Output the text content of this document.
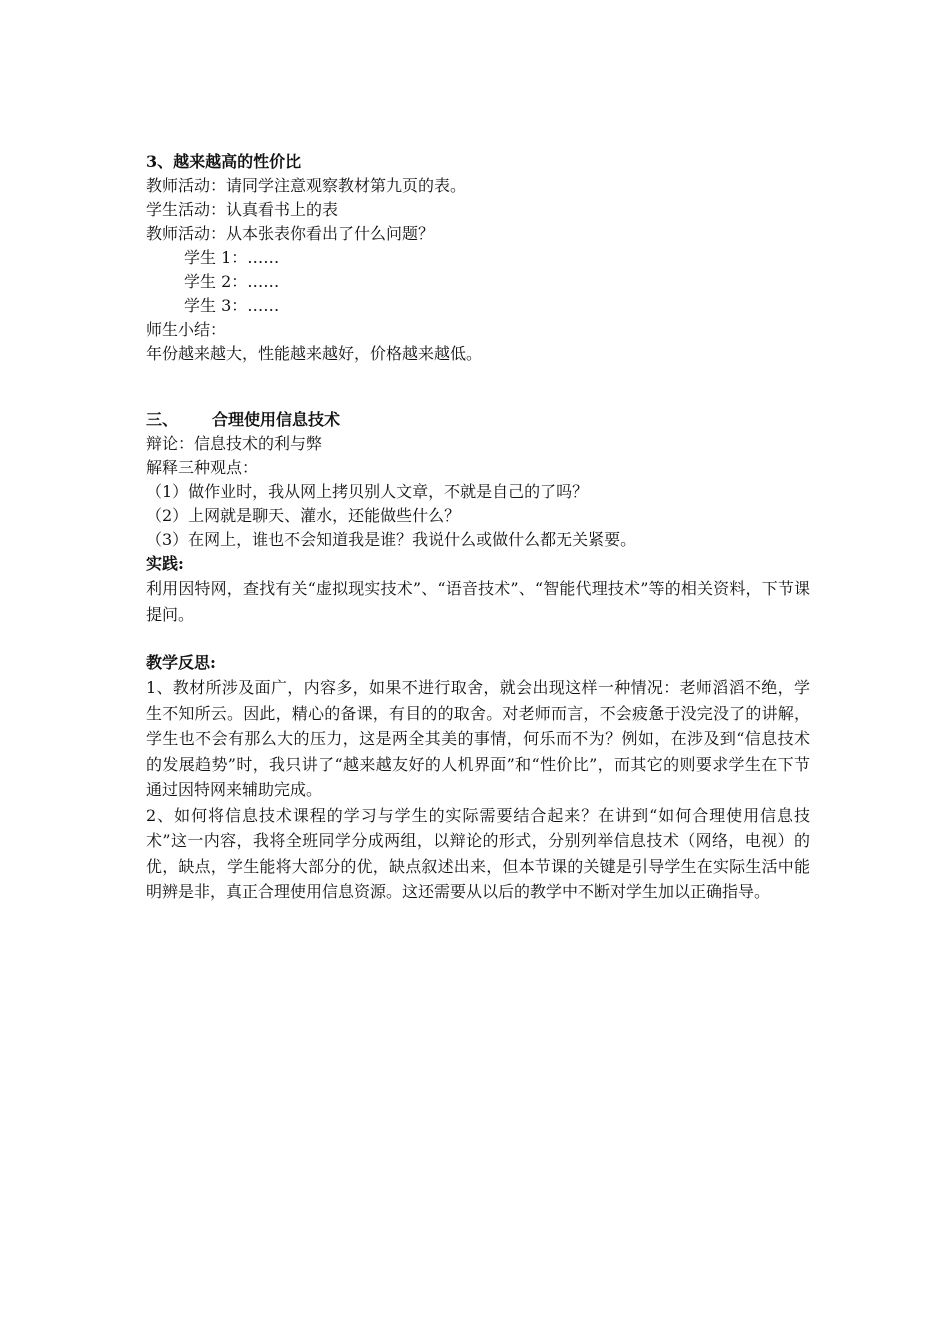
3、越来越高的性价比
教师活动：请同学注意观察教材第九页的表。
学生活动：认真看书上的表
教师活动：从本张表你看出了什么问题？
学生 1：……
学生 2：……
学生 3：……
师生小结：
年份越来越大，性能越来越好，价格越来越低。
三、 合理使用信息技术
辩论：信息技术的利与弊
解释三种观点：
（1）做作业时，我从网上拷贝别人文章，不就是自己的了吗？
（2）上网就是聊天、灌水，还能做些什么？
（3）在网上，谁也不会知道我是谁？我说什么或做什么都无关紧要。
实践:
利用因特网，查找有关“虚拟现实技术”、“语音技术”、“智能代理技术”等的相关资料，下节课提问。
教学反思:
1、教材所涉及面广，内容多，如果不进行取舍，就会出现这样一种情况：老师滔滔不绝，学生不知所云。因此，精心的备课，有目的的取舍。对老师而言，不会疲惫于没完没了的讲解，学生也不会有那么大的压力，这是两全其美的事情，何乐而不为？例如，在涉及到“信息技术的发展趋势”时，我只讲了“越来越友好的人机界面”和“性价比”，而其它的则要求学生在下节通过因特网来辅助完成。
2、如何将信息技术课程的学习与学生的实际需要结合起来？在讲到“如何合理使用信息技术”这一内容，我将全班同学分成两组，以辩论的形式，分别列举信息技术（网络，电视）的优，缺点，学生能将大部分的优，缺点叙述出来，但本节课的关键是引导学生在实际生活中能明辨是非，真正合理使用信息资源。这还需要从以后的教学中不断对学生加以正确指导。
